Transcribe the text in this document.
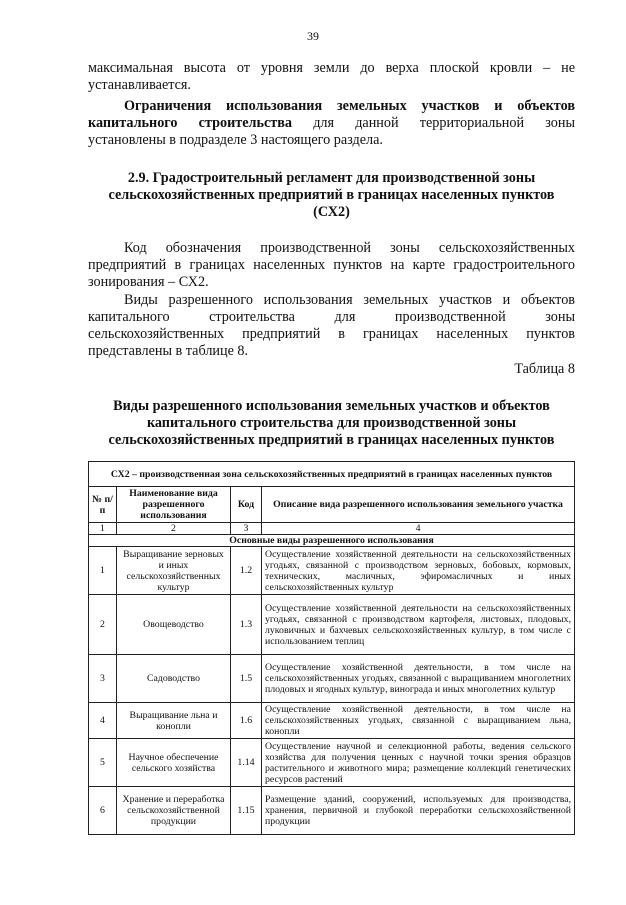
39
максимальная высота от уровня земли до верха плоской кровли – не
устанавливается.
Ограничения использования земельных участков и объектов
капитального строительства для данной территориальной зоны
установлены в подразделе 3 настоящего раздела.
2.9. Градостроительный регламент для производственной зоны
сельскохозяйственных предприятий в границах населенных пунктов
(СХ2)
Код обозначения производственной зоны сельскохозяйственных
предприятий в границах населенных пунктов на карте градостроительного
зонирования – СХ2.
Виды разрешенного использования земельных участков и объектов
капитального строительства для производственной зоны
сельскохозяйственных предприятий в границах населенных пунктов
представлены в таблице 8.
Таблица 8
Виды разрешенного использования земельных участков и объектов
капитального строительства для производственной зоны
сельскохозяйственных предприятий в границах населенных пунктов
СХ2 – производственная зона сельскохозяйственных предприятий в границах населенных пунктов			
№ п/п	Наименование вида разрешенного использования	Код	Описание вида разрешенного использования земельного участка
1	2	3	4
Основные виды разрешенного использования			
1	Выращивание зерновых и иных сельскохозяйственных культур	1.2	Осуществление хозяйственной деятельности на сельскохозяйственных угодьях, связанной с производством зерновых, бобовых, кормовых, технических, масличных, эфиромасличных и иных сельскохозяйственных культур
2	Овощеводство	1.3	Осуществление хозяйственной деятельности на сельскохозяйственных угодьях, связанной с производством картофеля, листовых, плодовых, луковичных и бахчевых сельскохозяйственных культур, в том числе с использованием теплиц
3	Садоводство	1.5	Осуществление хозяйственной деятельности, в том числе на сельскохозяйственных угодьях, связанной с выращиванием многолетних плодовых и ягодных культур, винограда и иных многолетних культур
4	Выращивание льна и конопли	1.6	Осуществление хозяйственной деятельности, в том числе на сельскохозяйственных угодьях, связанной с выращиванием льна, конопли
5	Научное обеспечение сельского хозяйства	1.14	Осуществление научной и селекционной работы, ведения сельского хозяйства для получения ценных с научной точки зрения образцов растительного и животного мира; размещение коллекций генетических ресурсов растений
6	Хранение и переработка сельскохозяйственной продукции	1.15	Размещение зданий, сооружений, используемых для производства, хранения, первичной и глубокой переработки сельскохозяйственной продукции
